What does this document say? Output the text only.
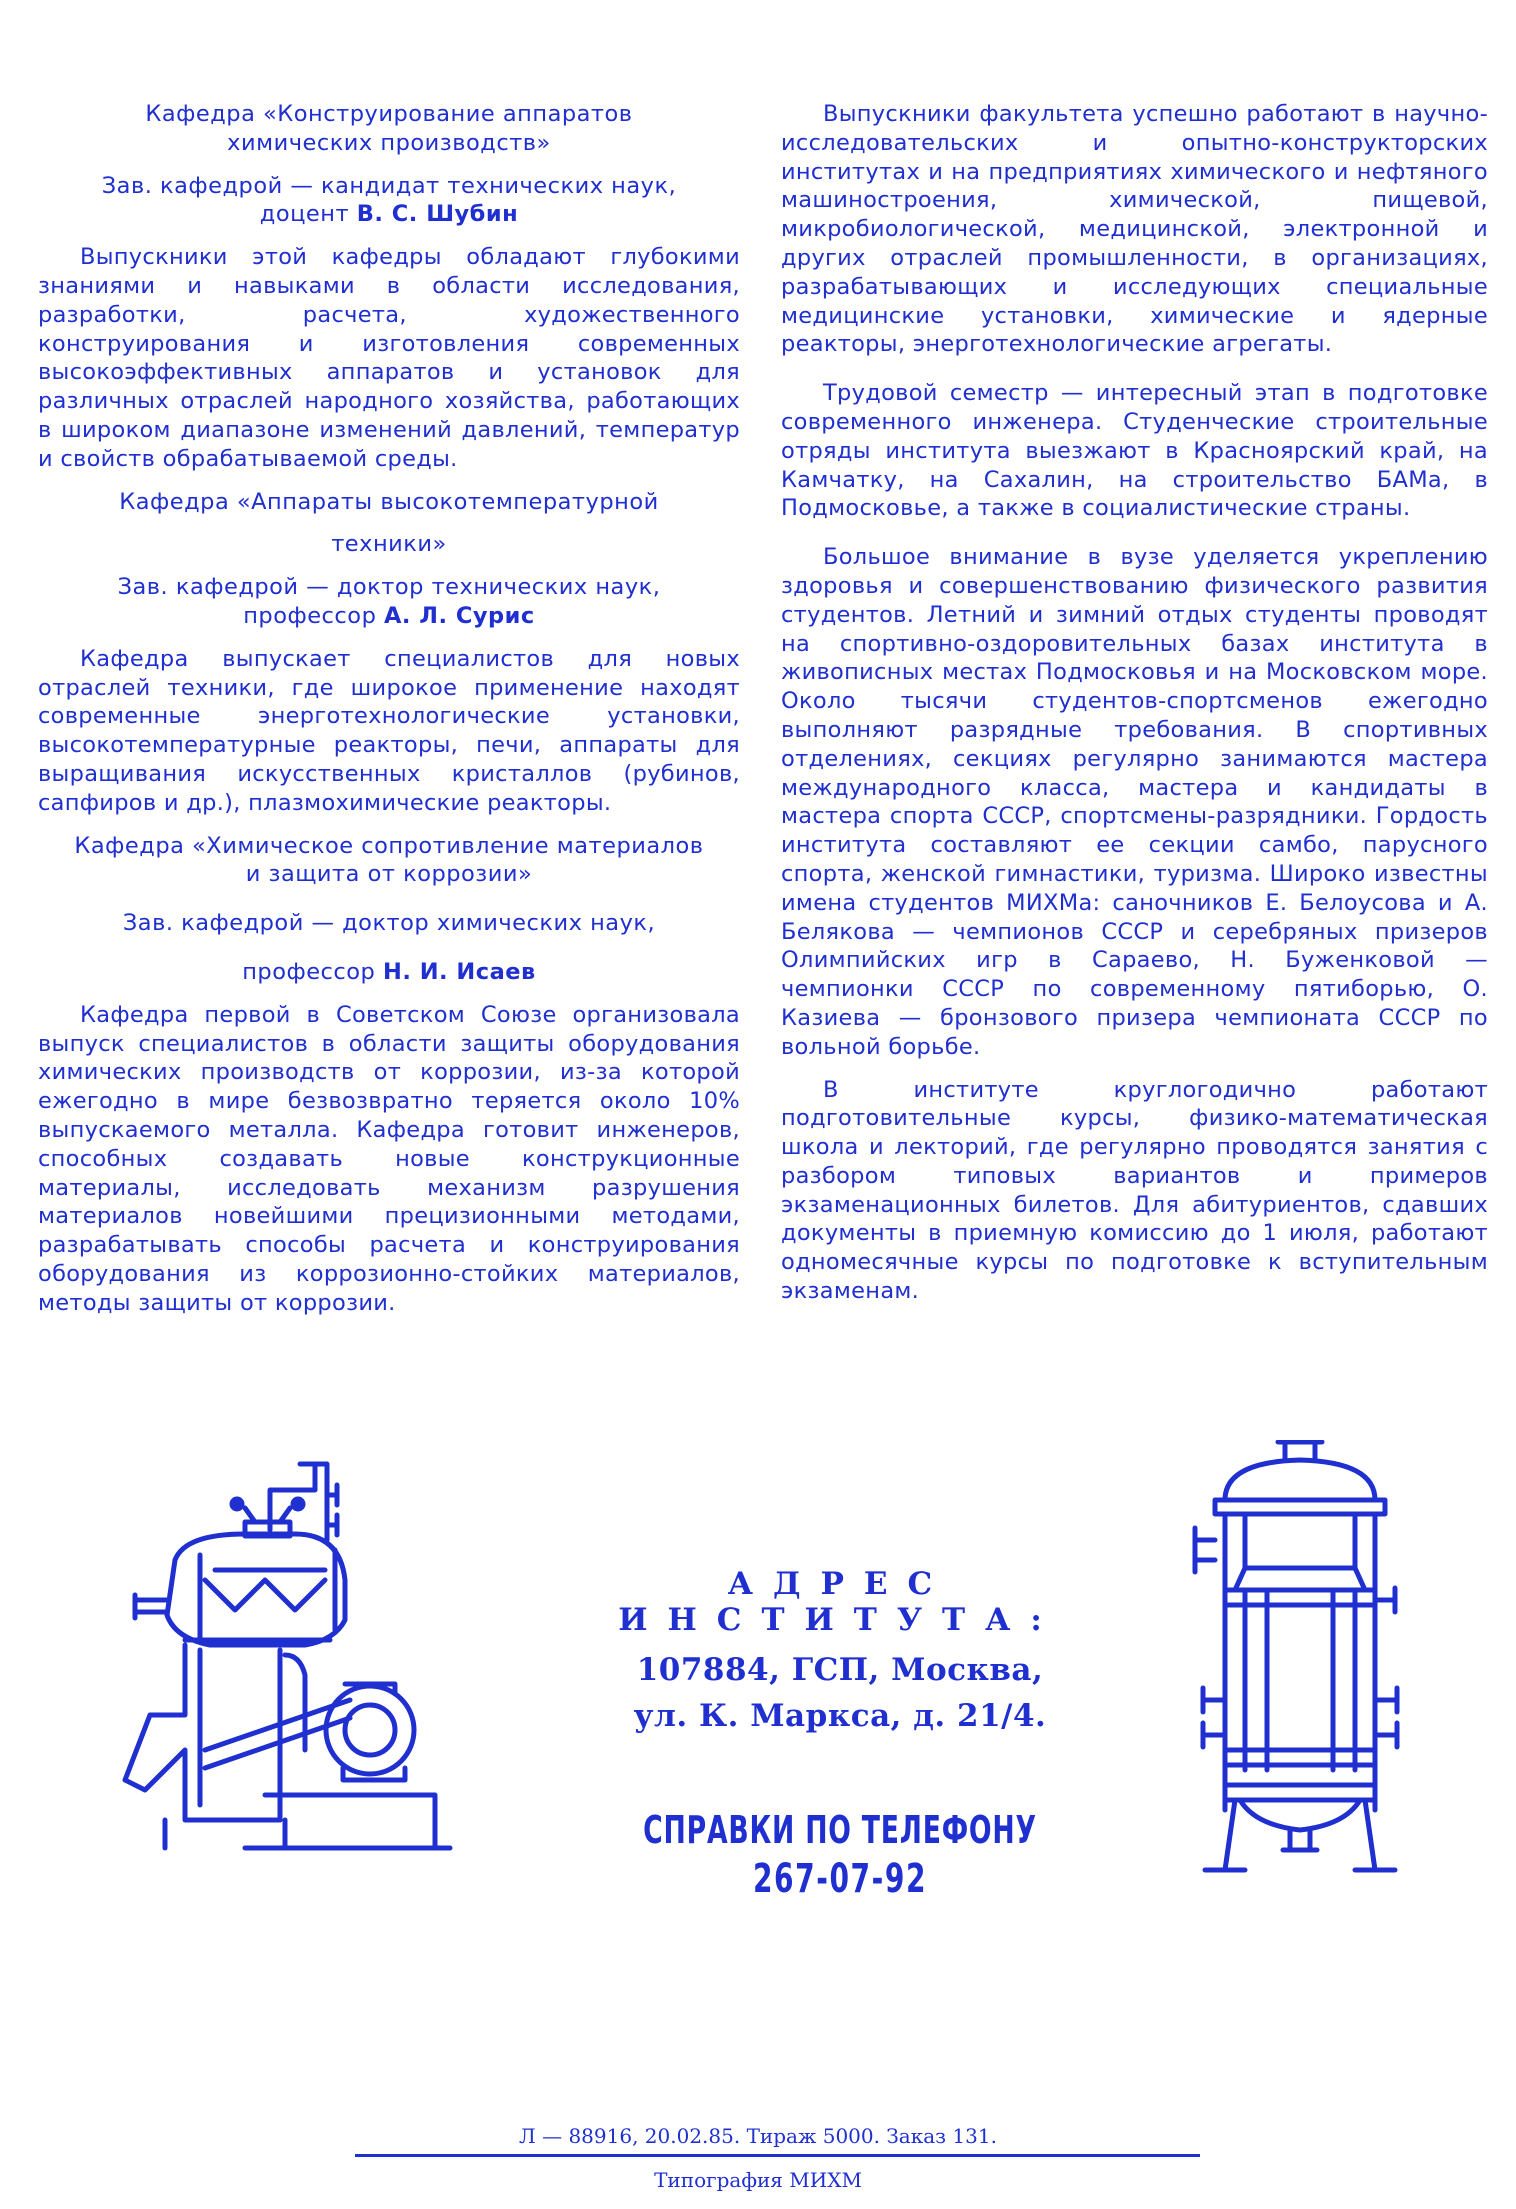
Кафедра «Конструирование аппаратов

химических производств»

Зав. кафедрой — кандидат технических наук,

доцент В. С. Шубин

Выпускники этой кафедры обладают глубокими знаниями и навыками в области исследования, разработки, расчета, художественного конструирования и изготовления современных высокоэффективных аппаратов и установок для различных отраслей народного хозяйства, работающих в широком диапазоне изменений давлений, температур и свойств обрабатываемой среды.

Кафедра «Аппараты высокотемпературной

техники»

Зав. кафедрой — доктор технических наук,

профессор А. Л. Сурис

Кафедра выпускает специалистов для новых отраслей техники, где широкое применение находят современные энерготехнологические установки, высокотемпературные реакторы, печи, аппараты для выращивания искусственных кристаллов (рубинов, сапфиров и др.), плазмохимические реакторы.

Кафедра «Химическое сопротивление материалов

и защита от коррозии»

Зав. кафедрой — доктор химических наук,

профессор Н. И. Исаев

Кафедра первой в Советском Союзе организовала выпуск специалистов в области защиты оборудования химических производств от коррозии, из-за которой ежегодно в мире безвозвратно теряется около 10% выпускаемого металла. Кафедра готовит инженеров, способных создавать новые конструкционные материалы, исследовать механизм разрушения материалов новейшими прецизионными методами, разрабатывать способы расчета и конструирования оборудования из коррозионно-стойких материалов, методы защиты от коррозии.

Выпускники факультета успешно работают в научно-исследовательских и опытно-конструкторских институтах и на предприятиях химического и нефтяного машиностроения, химической, пищевой, микробиологической, медицинской, электронной и других отраслей промышленности, в организациях, разрабатывающих и исследующих специальные медицинские установки, химические и ядерные реакторы, энерготехнологические агрегаты.

Трудовой семестр — интересный этап в подготовке современного инженера. Студенческие строительные отряды института выезжают в Красноярский край, на Камчатку, на Сахалин, на строительство БАМа, в Подмосковье, а также в социалистические страны.

Большое внимание в вузе уделяется укреплению здоровья и совершенствованию физического развития студентов. Летний и зимний отдых студенты проводят на спортивно-оздоровительных базах института в живописных местах Подмосковья и на Московском море. Около тысячи студентов-спортсменов ежегодно выполняют разрядные требования. В спортивных отделениях, секциях регулярно занимаются мастера международного класса, мастера и кандидаты в мастера спорта СССР, спортсмены-разрядники. Гордость института составляют ее секции самбо, парусного спорта, женской гимнастики, туризма. Широко известны имена студентов МИХМа: саночников Е. Белоусова и А. Белякова — чемпионов СССР и серебряных призеров Олимпийских игр в Сараево, Н. Буженковой — чемпионки СССР по современному пятиборью, О. Казиева — бронзового призера чемпионата СССР по вольной борьбе.

В институте круглогодично работают подготовительные курсы, физико-математическая школа и лекторий, где регулярно проводятся занятия с разбором типовых вариантов и примеров экзаменационных билетов. Для абитуриентов, сдавших документы в приемную комиссию до 1 июля, работают одномесячные курсы по подготовке к вступительным экзаменам.

АДРЕС ИНСТИТУТА:

107884, ГСП, Москва,

ул. К. Маркса, д. 21/4.

СПРАВКИ ПО ТЕЛЕФОНУ

267-07-92

Л — 88916, 20.02.85. Тираж 5000. Заказ 131.
Типография МИХМ
